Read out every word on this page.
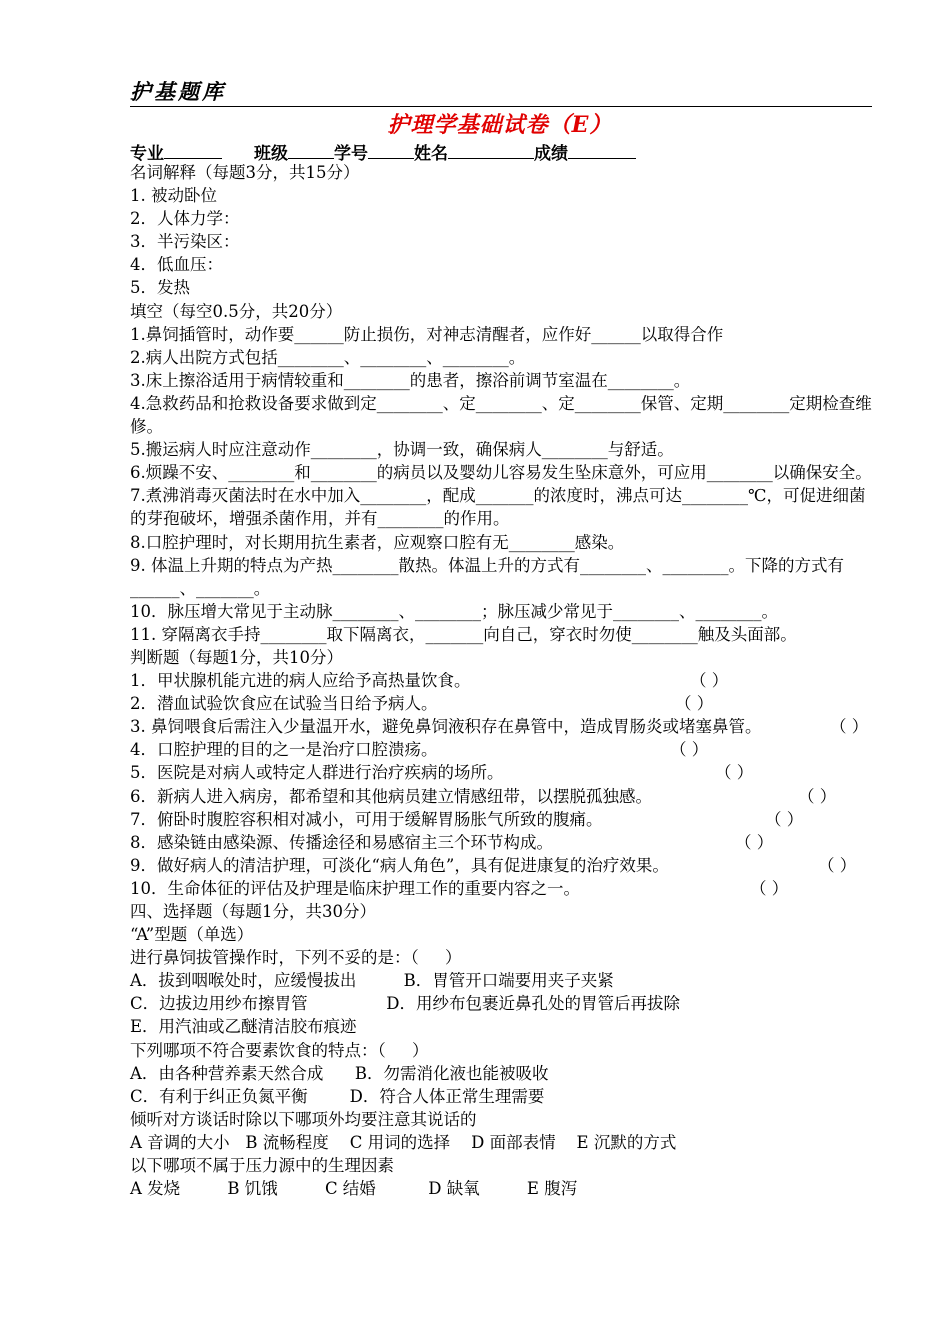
护基题库
护理学基础试卷（E）
专业	班级	学号	姓名	成绩
名词解释（每题3分，共15分）
1. 被动卧位
2．人体力学：
3．半污染区：
4．低血压：
5．发热
填空（每空0.5分，共20分）
1.鼻饲插管时，动作要______防止损伤，对神志清醒者，应作好______以取得合作
2.病人出院方式包括________、________、________。
3.床上擦浴适用于病情较重和________的患者，擦浴前调节室温在________。
4.急救药品和抢救设备要求做到定________、定________、定________保管、定期________定期检查维修。
5.搬运病人时应注意动作________，协调一致，确保病人________与舒适。
6.烦躁不安、________和________的病员以及婴幼儿容易发生坠床意外，可应用________以确保安全。
7.煮沸消毒灭菌法时在水中加入________，配成_______的浓度时，沸点可达________℃，可促进细菌的芽孢破坏，增强杀菌作用，并有________的作用。
8.口腔护理时，对长期用抗生素者，应观察口腔有无________感染。
9. 体温上升期的特点为产热________散热。体温上升的方式有________、________。下降的方式有______、_______。
10．脉压增大常见于主动脉________、________；脉压减少常见于________、________。
11. 穿隔离衣手持________取下隔离衣，_______向自己，穿衣时勿使________触及头面部。
判断题（每题1分，共10分）
1．甲状腺机能亢进的病人应给予高热量饮食。	（ ）
2．潜血试验饮食应在试验当日给予病人。	（ ）
3. 鼻饲喂食后需注入少量温开水，避免鼻饲液积存在鼻管中，造成胃肠炎或堵塞鼻管。	（ ）
4．口腔护理的目的之一是治疗口腔溃疡。	（ ）
5．医院是对病人或特定人群进行治疗疾病的场所。	（ ）
6．新病人进入病房，都希望和其他病员建立情感纽带，以摆脱孤独感。	（ ）
7．俯卧时腹腔容积相对减小，可用于缓解胃肠胀气所致的腹痛。	（ ）
8．感染链由感染源、传播途径和易感宿主三个环节构成。	（ ）
9．做好病人的清洁护理，可淡化“病人角色”，具有促进康复的治疗效果。	（ ）
10．生命体征的评估及护理是临床护理工作的重要内容之一。	（ ）
四、选择题（每题1分，共30分）
“A”型题（单选）
进行鼻饲拔管操作时，下列不妥的是：（     ）
A．拔到咽喉处时，应缓慢拔出         B．胃管开口端要用夹子夹紧
C．边拔边用纱布擦胃管               D．用纱布包裹近鼻孔处的胃管后再拔除
E．用汽油或乙醚清洁胶布痕迹
下列哪项不符合要素饮食的特点：（     ）
A．由各种营养素天然合成      B．勿需消化液也能被吸收
C．有利于纠正负氮平衡        D．符合人体正常生理需要
倾听对方谈话时除以下哪项外均要注意其说话的
A 音调的大小   B 流畅程度    C 用词的选择    D 面部表情    E 沉默的方式
以下哪项不属于压力源中的生理因素
A 发烧         B 饥饿         C 结婚          D 缺氧         E 腹泻
